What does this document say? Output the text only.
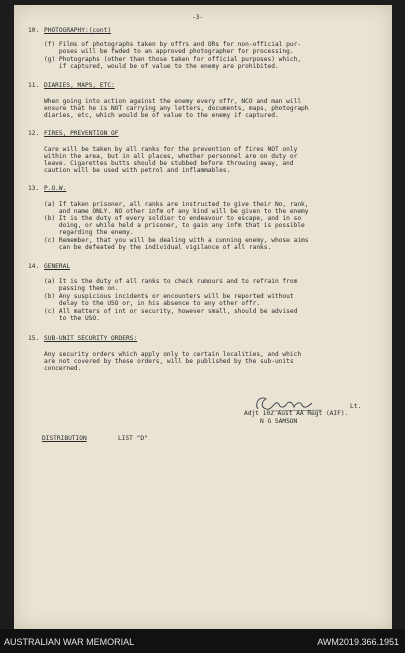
-3-
10. PHOTOGRAPHY:(cont)
(f) Films of photographs taken by offrs and ORs for non-official pur-
poses will be fwded to an approved photographer for processing.
(g) Photographs (other than those taken for official purposes) which,
if captured, would be of value to the enemy are prohibited.
11. DIARIES, MAPS, ETC:
When going into action against the enemy every offr, NCO and man will
ensure that he is NOT carrying any letters, documents, maps, photograph
diaries, etc, which would be of value to the enemy if captured.
12. FIRES, PREVENTION OF
Care will be taken by all ranks for the prevention of fires NOT only
within the area, but in all places, whether personnel are on duty or
leave. Cigarettes butts should be stubbed before throwing away, and
caution will be used with petrol and inflammables.
13. P.O.W.
(a) If taken prisoner, all ranks are instructed to give their No, rank,
and name ONLY. NO other infm of any kind will be given to the enemy
(b) It is the duty of every soldier to endeavour to escape, and in so
doing, or while held a prisoner, to gain any infm that is possible
regarding the enemy.
(c) Remember, that you will be dealing with a cunning enemy, whose aims
can be defeated by the individual vigilance of all ranks.
14. GENERAL
(a) It is the duty of all ranks to check rumours and to refrain from
passing them on.
(b) Any suspicious incidents or encounters will be reported without
delay to the USO or, in his absence to any other offr.
(c) All matters of int or security, however small, should be advised
to the USO.
15. SUB-UNIT SECURITY ORDERS:
Any security orders which apply only to certain localities, and which
are not covered by these orders, will be published by the sub-units
concerned.
Lt.
Adjt 102 Aust AA Regt (AIF).
N G SAMSON
DISTRIBUTION	LIST "D"
AUSTRALIAN WAR MEMORIAL	AWM2019.366.1951
